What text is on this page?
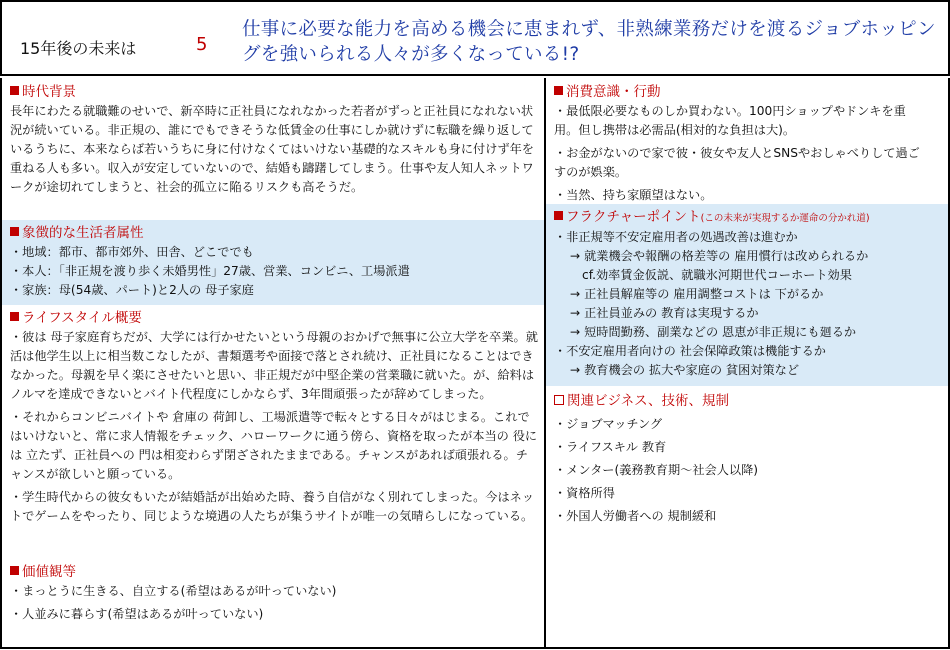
15年後の未来は	5
仕事に必要な能力を高める機会に恵まれず、非熟練業務だけを渡るジョブホッピングを強いられる人々が多くなっている!?
時代背景

長年にわたる就職難のせいで、新卒時に正社員になれなかった若者がずっと正社員になれない状況が続いている。非正規の、誰にでもできそうな低賃金の仕事にしか就けずに転職を繰り返しているうちに、本来ならば若いうちに身に付けなくてはいけない基礎的なスキルも身に付けず年を重ねる人も多い。収入が安定していないので、結婚も躊躇してしまう。仕事や友人知人ネットワークが途切れてしまうと、社会的孤立に陥るリスクも高そうだ。

象徴的な生活者属性

・地域：都市、都市郊外、田舎、どこででも

・本人：「非正規を渡り歩く未婚男性」27歳、営業、コンビニ、工場派遣

・家族：母(54歳、パート)と2人の 母子家庭

ライフスタイル概要

・彼は 母子家庭育ちだが、大学には行かせたいという母親のおかげで無事に公立大学を卒業。就活は他学生以上に相当数こなしたが、書類選考や面接で落とされ続け、正社員になることはできなかった。母親を早く楽にさせたいと思い、非正規だが中堅企業の営業職に就いた。が、給料はノルマを達成できないとバイト代程度にしかならず、3年間頑張ったが辞めてしまった。

・それからコンビニバイトや 倉庫の 荷卸し、工場派遣等で転々とする日々がはじまる。これではいけないと、常に求人情報をチェック、ハローワークに通う傍ら、資格を取ったが本当の 役には 立たず、正社員への 門は相変わらず閉ざされたままである。チャンスがあれば頑張れる。チャンスが欲しいと願っている。

・学生時代からの彼女もいたが結婚話が出始めた時、養う自信がなく別れてしまった。今はネットでゲームをやったり、同じような境遇の人たちが集うサイトが唯一の気晴らしになっている。

価値観等

・まっとうに生きる、自立する(希望はあるが叶っていない)

・人並みに暮らす(希望はあるが叶っていない)

消費意識・行動

・最低限必要なものしか買わない。100円ショップやドンキを重用。但し携帯は必需品(相対的な負担は大)。

・お金がないので家で彼・彼女や友人とSNSやおしゃべりして過ごすのが娯楽。

・当然、持ち家願望はない。

フラクチャーポイント(この未来が実現するか運命の分かれ道)

・非正規等不安定雇用者の処遇改善は進むか

→ 就業機会や報酬の格差等の 雇用慣行は改められるか

cf.効率賃金仮説、就職氷河期世代コーホート効果

→ 正社員解雇等の 雇用調整コストは 下がるか

→ 正社員並みの 教育は実現するか

→ 短時間勤務、副業などの 恩恵が非正規にも廻るか

・不安定雇用者向けの 社会保障政策は機能するか

→ 教育機会の 拡大や家庭の 貧困対策など

関連ビジネス、技術、規制

・ジョブマッチング

・ライフスキル 教育

・メンター(義務教育期～社会人以降)

・資格所得

・外国人労働者への 規制緩和
